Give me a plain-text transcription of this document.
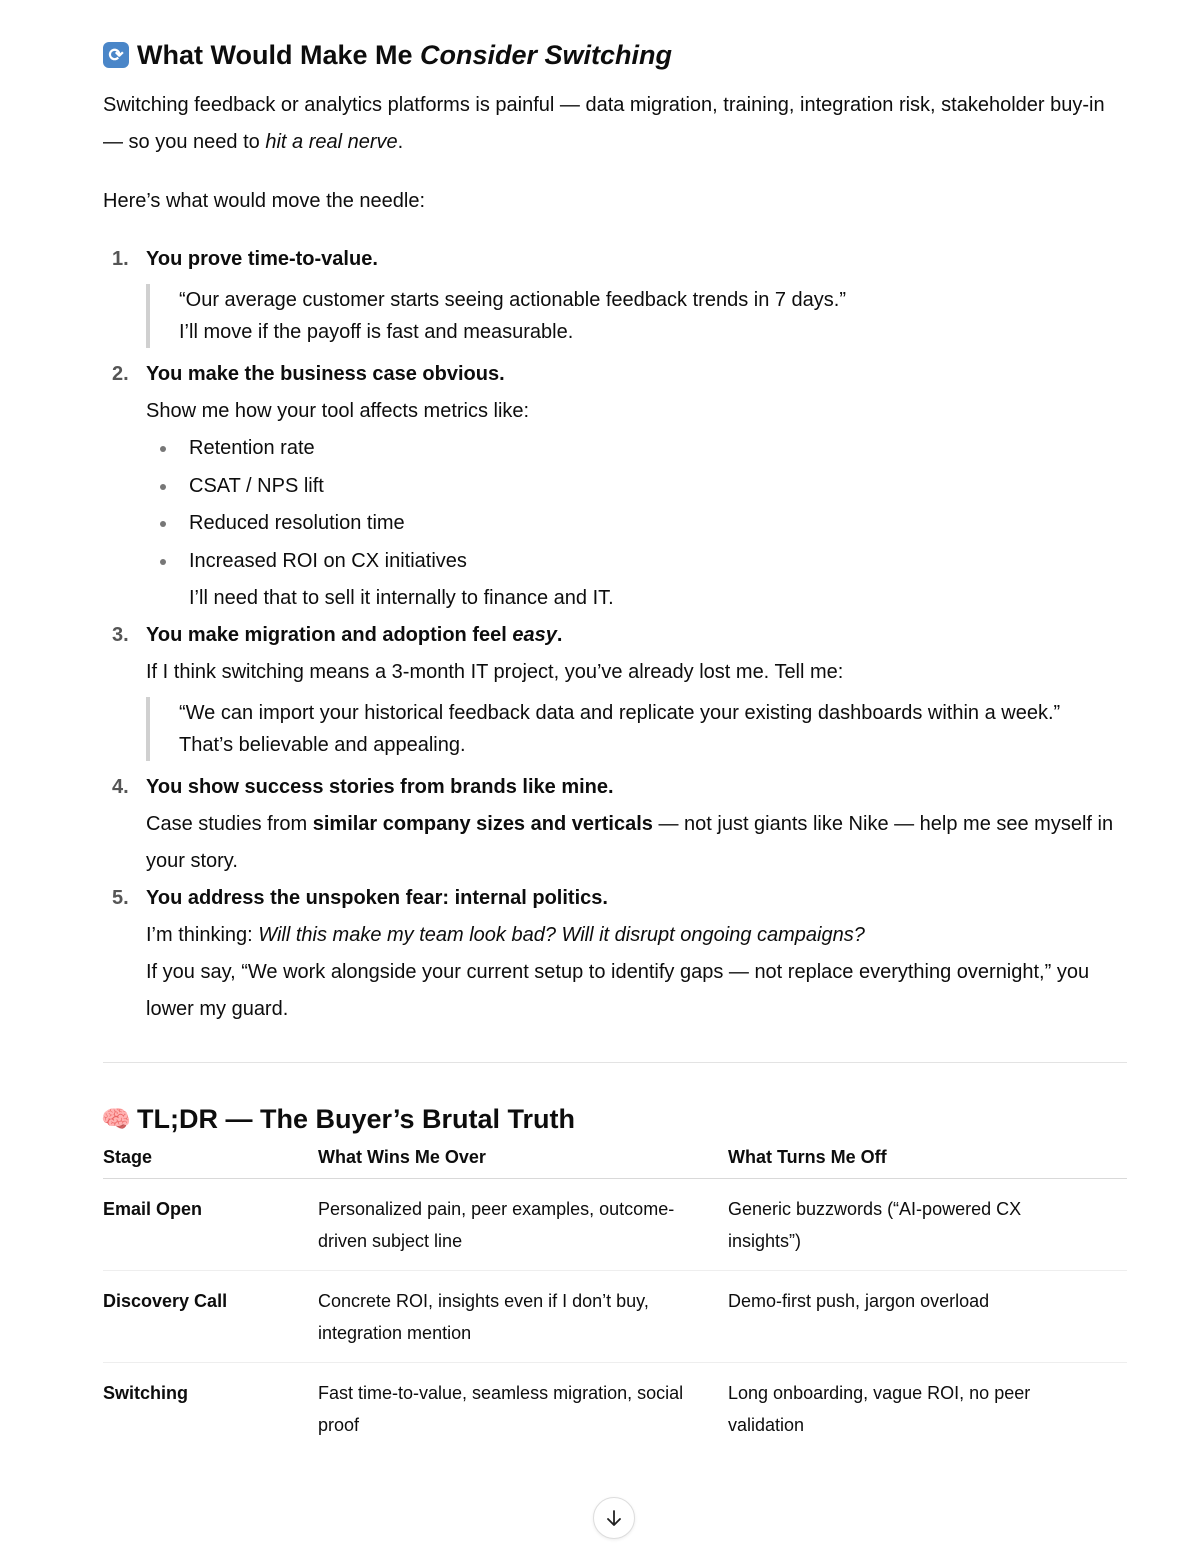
⟳ What Would Make Me Consider Switching

Switching feedback or analytics platforms is painful — data migration, training, integration risk, stakeholder buy-in — so you need to hit a real nerve.

Here’s what would move the needle:

1. You prove time-to-value.

“Our average customer starts seeing actionable feedback trends in 7 days.”
I’ll move if the payoff is fast and measurable.

2. You make the business case obvious.

Show me how your tool affects metrics like:

Retention rate
CSAT / NPS lift
Reduced resolution time
Increased ROI on CX initiatives

I’ll need that to sell it internally to finance and IT.

3. You make migration and adoption feel easy.

If I think switching means a 3-month IT project, you’ve already lost me. Tell me:

“We can import your historical feedback data and replicate your existing dashboards within a week.”
That’s believable and appealing.

4. You show success stories from brands like mine.

Case studies from similar company sizes and verticals — not just giants like Nike — help me see myself in your story.

5. You address the unspoken fear: internal politics.

I’m thinking: Will this make my team look bad? Will it disrupt ongoing campaigns?

If you say, “We work alongside your current setup to identify gaps — not replace everything overnight,” you lower my guard.

🧠 TL;DR — The Buyer’s Brutal Truth
Stage	What Wins Me Over	What Turns Me Off
Email Open	Personalized pain, peer examples, outcome-driven subject line	Generic buzzwords (“AI-powered CX insights”)
Discovery Call	Concrete ROI, insights even if I don’t buy, integration mention	Demo-first push, jargon overload
Switching	Fast time-to-value, seamless migration, social proof	Long onboarding, vague ROI, no peer validation
